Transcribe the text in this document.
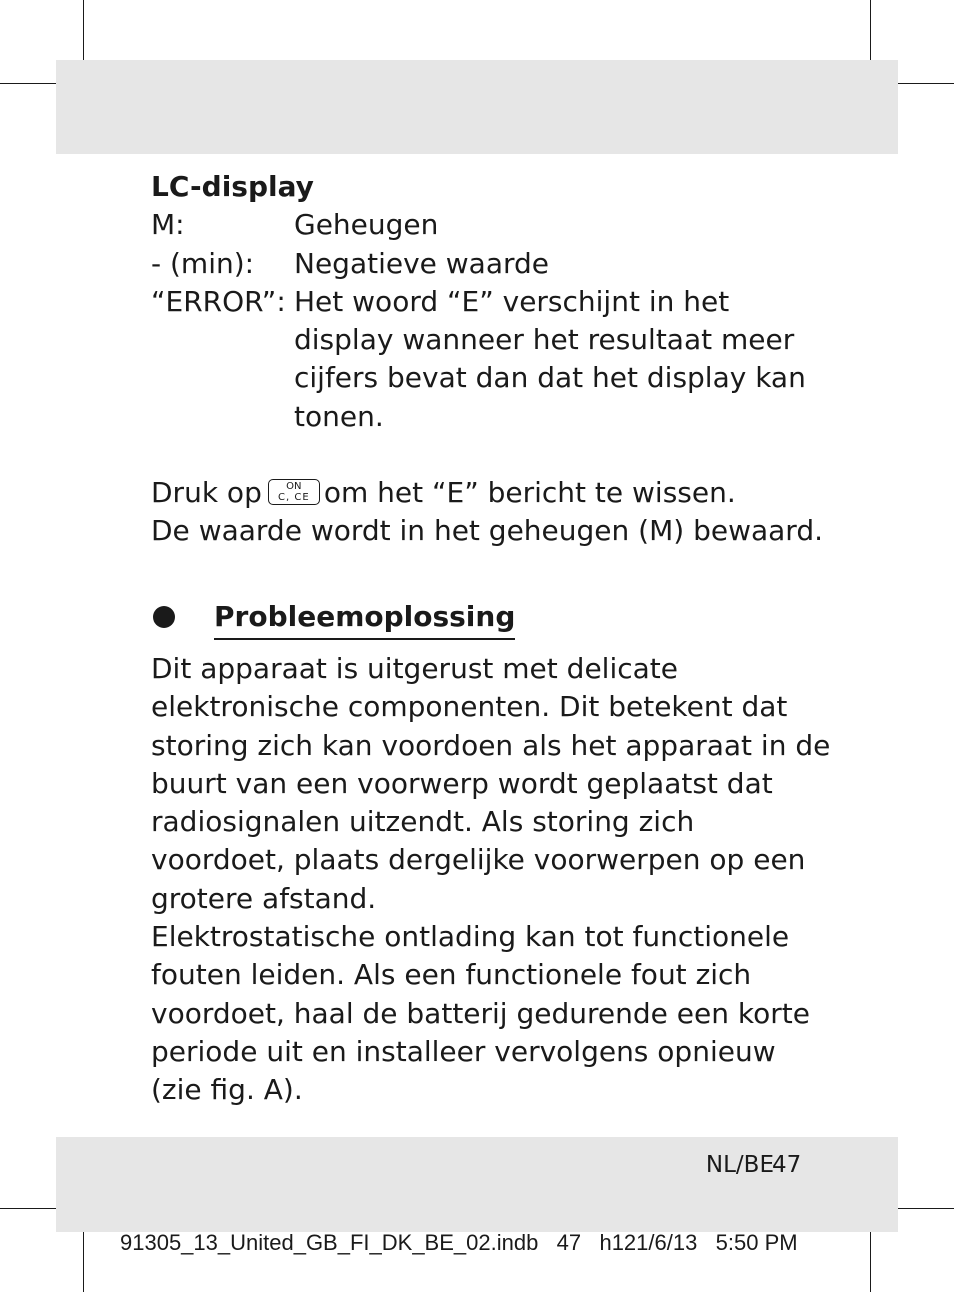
LC-display
M:	Geheugen
- (min):	Negatieve waarde
“ERROR”: Het woord “E” verschijnt in het display wanneer het resultaat meer cijfers bevat dan dat het display kan tonen.
Druk op	ON
C, CE om het “E” bericht te wissen.
De waarde wordt in het geheugen (M) bewaard.
Probleemoplossing
Dit apparaat is uitgerust met delicate elektronische componenten. Dit betekent dat storing zich kan voordoen als het apparaat in de buurt van een voorwerp wordt geplaatst dat radiosignalen uitzendt. Als storing zich voordoet, plaats dergelijke voorwerpen op een grotere afstand.
Elektrostatische ontlading kan tot functionele fouten leiden. Als een functionele fout zich voordoet, haal de batterij gedurende een korte periode uit en installeer vervolgens opnieuw (zie fig. A).
NL/BE
47
91305_13_United_GB_FI_DK_BE_02.indb   47   h121/6/13   5:50 PM
